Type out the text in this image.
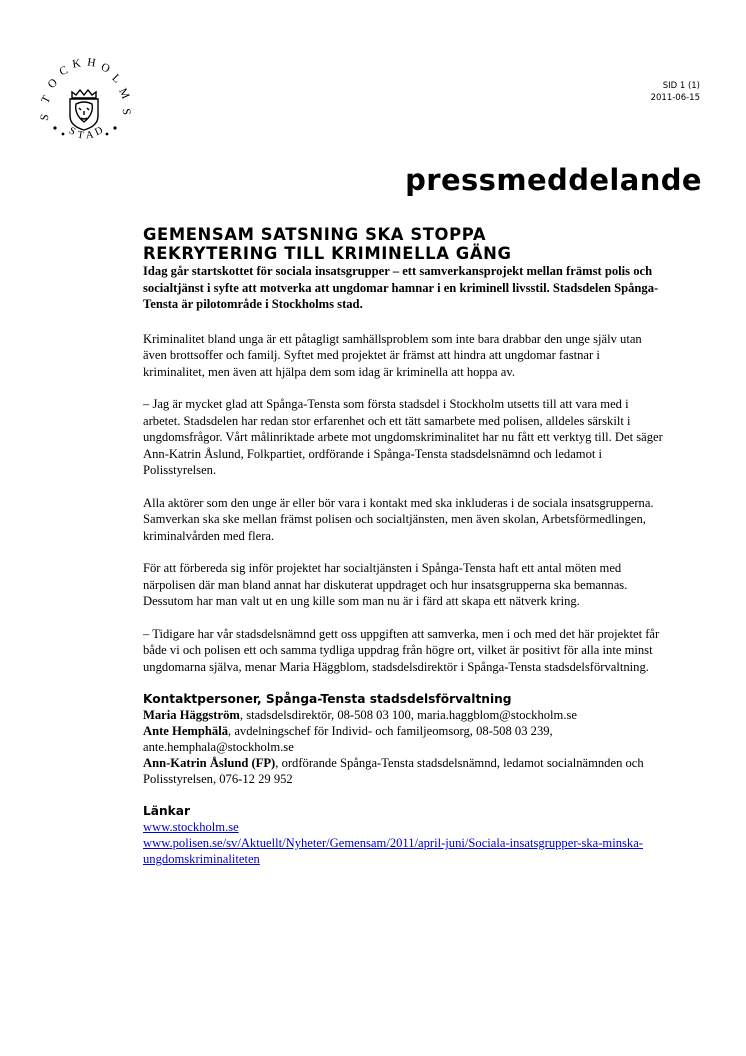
S
T
O
C
K H O
L
M
S
S T A D
SID 1 (1)
2011-06-15
pressmeddelande
GEMENSAM SATSNING SKA STOPPA
REKRYTERING TILL KRIMINELLA GÄNG

Idag går startskottet för sociala insatsgrupper – ett samverkansprojekt mellan främst polis och socialtjänst i syfte att motverka att ungdomar hamnar i en kriminell livsstil. Stadsdelen Spånga-Tensta är pilotområde i Stockholms stad.

Kriminalitet bland unga är ett påtagligt samhällsproblem som inte bara drabbar den unge själv utan även brottsoffer och familj. Syftet med projektet är främst att hindra att ungdomar fastnar i kriminalitet, men även att hjälpa dem som idag är kriminella att hoppa av.

– Jag är mycket glad att Spånga-Tensta som första stadsdel i Stockholm utsetts till att vara med i arbetet. Stadsdelen har redan stor erfarenhet och ett tätt samarbete med polisen, alldeles särskilt i ungdomsfrågor. Vårt målinriktade arbete mot ungdomskriminalitet har nu fått ett verktyg till. Det säger Ann-Katrin Åslund, Folkpartiet, ordförande i Spånga-Tensta stadsdelsnämnd och ledamot i Polisstyrelsen.

Alla aktörer som den unge är eller bör vara i kontakt med ska inkluderas i de sociala insatsgrupperna. Samverkan ska ske mellan främst polisen och socialtjänsten, men även skolan, Arbetsförmedlingen, kriminalvården med flera.

För att förbereda sig inför projektet har socialtjänsten i Spånga-Tensta haft ett antal möten med närpolisen där man bland annat har diskuterat uppdraget och hur insatsgrupperna ska bemannas. Dessutom har man valt ut en ung kille som man nu är i färd att skapa ett nätverk kring.

– Tidigare har vår stadsdelsnämnd gett oss uppgiften att samverka, men i och med det här projektet får både vi och polisen ett och samma tydliga uppdrag från högre ort, vilket är positivt för alla inte minst ungdomarna själva, menar Maria Häggblom, stadsdelsdirektör i Spånga-Tensta stadsdelsförvaltning.

Kontaktpersoner, Spånga-Tensta stadsdelsförvaltning
Maria Häggström, stadsdelsdirektör, 08-508 03 100, maria.haggblom@stockholm.se
Ante Hemphälä, avdelningschef för Individ- och familjeomsorg, 08-508 03 239, ante.hemphala@stockholm.se
Ann-Katrin Åslund (FP), ordförande Spånga-Tensta stadsdelsnämnd, ledamot socialnämnden och Polisstyrelsen, 076-12 29 952
Länkar
www.stockholm.se
www.polisen.se/sv/Aktuellt/Nyheter/Gemensam/2011/april-juni/Sociala-insatsgrupper-ska-minska-ungdomskriminaliteten
